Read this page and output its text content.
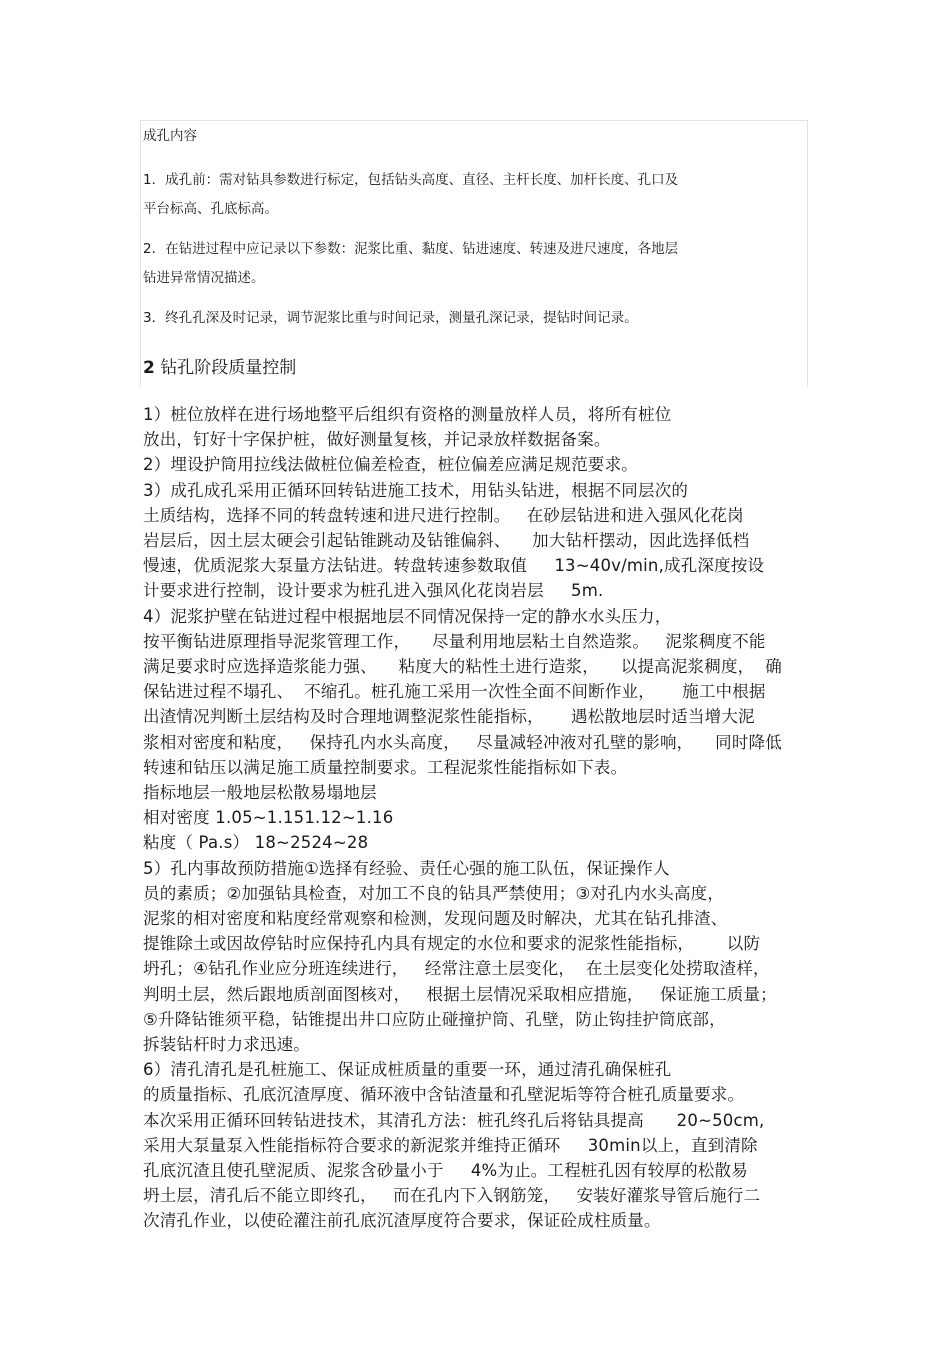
成孔内容
1．成孔前：需对钻具参数进行标定，包括钻头高度、直径、主杆长度、加杆长度、孔口及
平台标高、孔底标高。
2．在钻进过程中应记录以下参数：泥浆比重、黏度、钻进速度、转速及进尺速度，各地层
钻进异常情况描述。
3．终孔孔深及时记录，调节泥浆比重与时间记录，测量孔深记录，提钻时间记录。
2 钻孔阶段质量控制
1）桩位放样在进行场地整平后组织有资格的测量放样人员，将所有桩位
放出，钉好十字保护桩，做好测量复核，并记录放样数据备案。
2）埋设护筒用拉线法做桩位偏差检查，桩位偏差应满足规范要求。
3）成孔成孔采用正循环回转钻进施工技术，用钻头钻进，根据不同层次的
土质结构，选择不同的转盘转速和进尺进行控制。   在砂层钻进和进入强风化花岗
岩层后，因土层太硬会引起钻锥跳动及钻锥偏斜、    加大钻杆摆动，因此选择低档
慢速，优质泥浆大泵量方法钻进。转盘转速参数取值     13~40v/min,成孔深度按设
计要求进行控制，设计要求为桩孔进入强风化花岗岩层     5m.
4）泥浆护壁在钻进过程中根据地层不同情况保持一定的静水水头压力，
按平衡钻进原理指导泥浆管理工作，    尽量利用地层粘土自然造浆。   泥浆稠度不能
满足要求时应选择造浆能力强、    粘度大的粘性土进行造浆，    以提高泥浆稠度，  确
保钻进过程不塌孔、  不缩孔。桩孔施工采用一次性全面不间断作业，     施工中根据
出渣情况判断土层结构及时合理地调整泥浆性能指标，     遇松散地层时适当增大泥
浆相对密度和粘度，   保持孔内水头高度，   尽量减轻冲液对孔壁的影响，    同时降低
转速和钻压以满足施工质量控制要求。工程泥浆性能指标如下表。
指标地层一般地层松散易塌地层
相对密度 1.05~1.151.12~1.16
粘度（ Pa.s） 18~2524~28
5）孔内事故预防措施①选择有经验、责任心强的施工队伍，保证操作人
员的素质；②加强钻具检查，对加工不良的钻具严禁使用；③对孔内水头高度，
泥浆的相对密度和粘度经常观察和检测，发现问题及时解决，尤其在钻孔排渣、
提锥除土或因故停钻时应保持孔内具有规定的水位和要求的泥浆性能指标，      以防
坍孔；④钻孔作业应分班连续进行，   经常注意土层变化，  在土层变化处捞取渣样，
判明土层，然后跟地质剖面图核对，   根据土层情况采取相应措施，   保证施工质量；
⑤升降钻锥须平稳，钻锥提出井口应防止碰撞护筒、孔壁，防止钩挂护筒底部，
拆装钻杆时力求迅速。
6）清孔清孔是孔桩施工、保证成桩质量的重要一环，通过清孔确保桩孔
的质量指标、孔底沉渣厚度、循环液中含钻渣量和孔壁泥垢等符合桩孔质量要求。
本次采用正循环回转钻进技术，其清孔方法：桩孔终孔后将钻具提高      20~50cm,
采用大泵量泵入性能指标符合要求的新泥浆并维持正循环     30min以上，直到清除
孔底沉渣且使孔壁泥质、泥浆含砂量小于     4%为止。工程桩孔因有较厚的松散易
坍土层，清孔后不能立即终孔，   而在孔内下入钢筋笼，   安装好灌浆导管后施行二
次清孔作业，以使砼灌注前孔底沉渣厚度符合要求，保证砼成柱质量。
